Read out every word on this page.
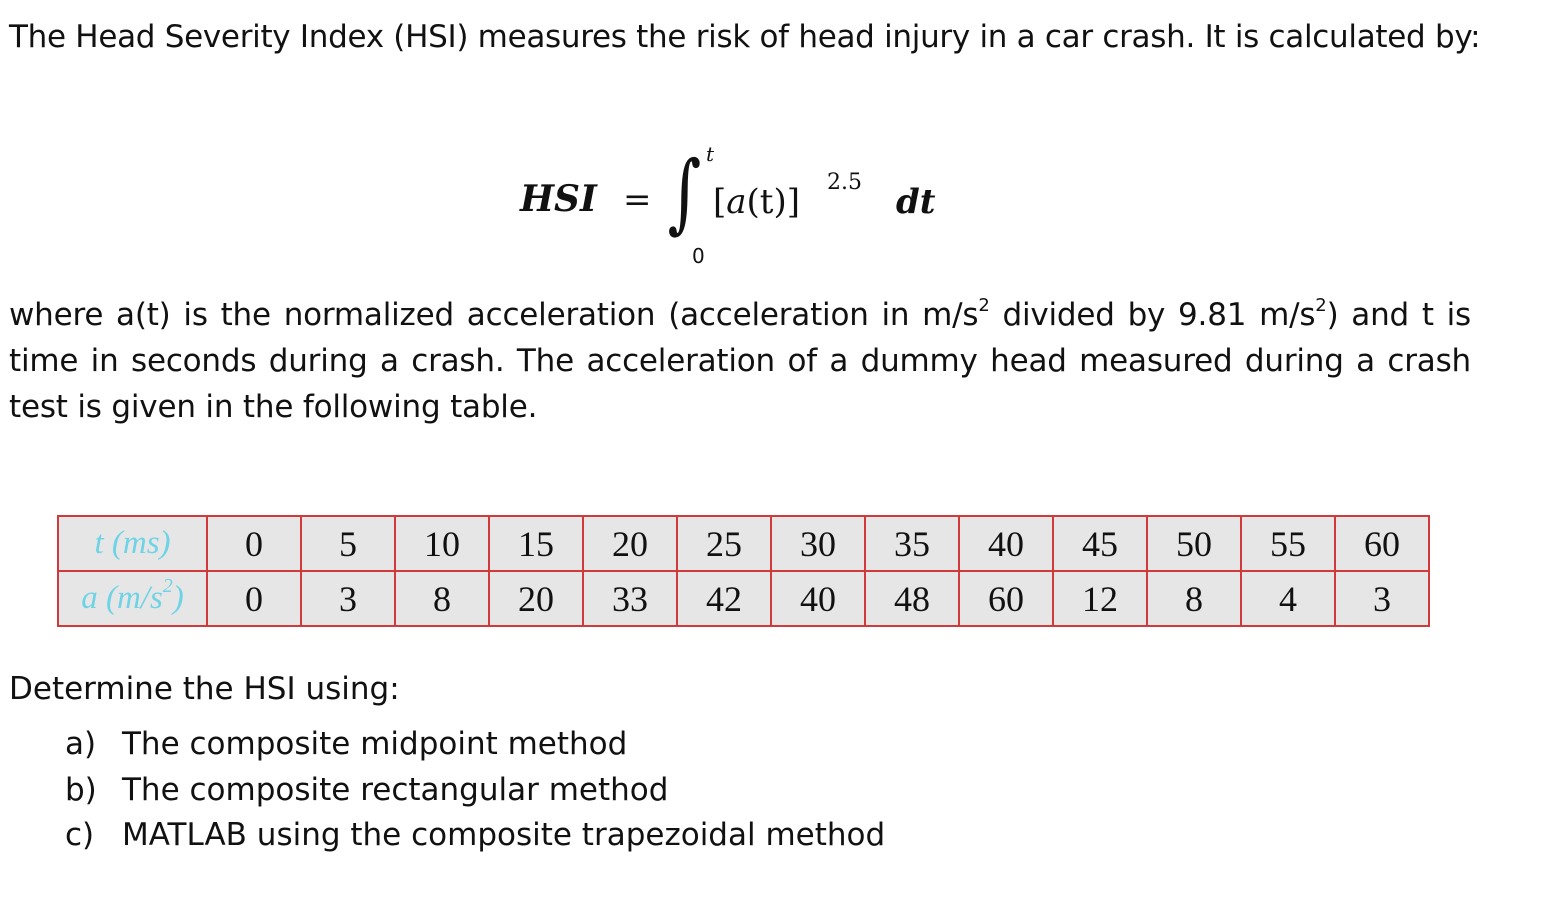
The Head Severity Index (HSI) measures the risk of head injury in a car crash. It is calculated by:

HSI = ∫ t
0
[a(t)] 2.5 dt

where a(t) is the normalized acceleration (acceleration in $m/s^2$ divided by 9.81 $m/s^2$) and t is time in seconds during a crash. The acceleration of a dummy head measured during a crash test is given in the following table.

t (ms)	0	5	10	15	20	25	30	35	40	45	50	55	60
a $(m/s^2)$	0	3	8	20	33	42	40	48	60	12	8	4	3

Determine the HSI using:

a) The composite midpoint method
b) The composite rectangular method
c) MATLAB using the composite trapezoidal method
